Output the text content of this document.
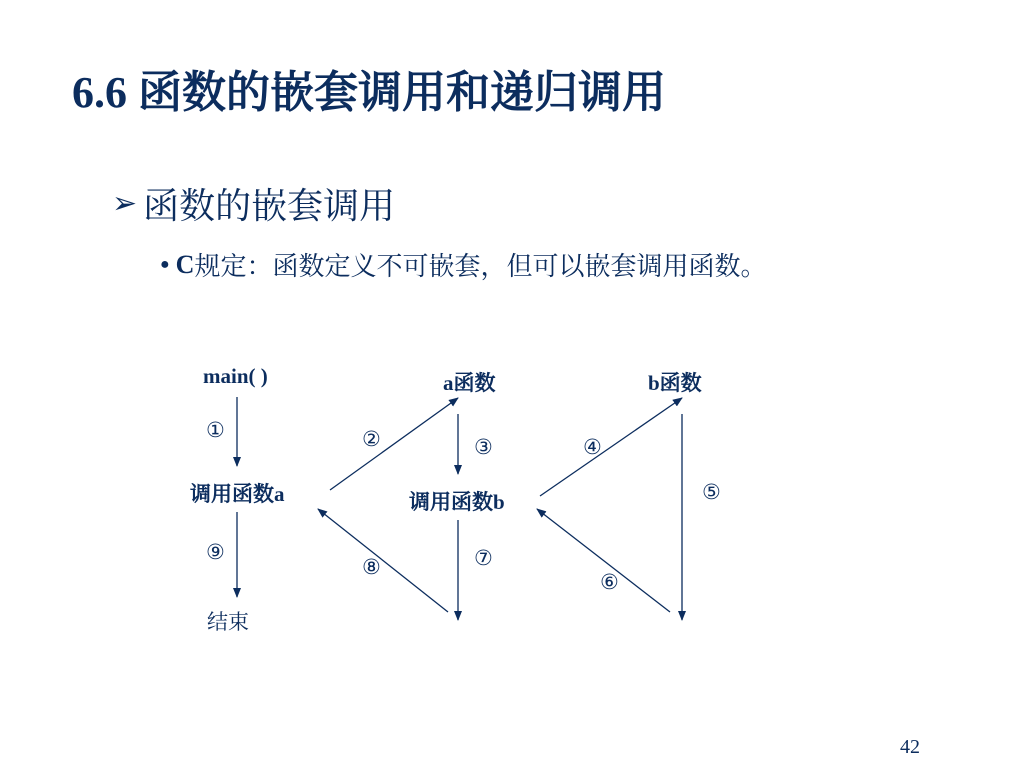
6.6 函数的嵌套调用和递归调用
➢ 函数的嵌套调用
● C 规定：函数定义不可嵌套，但可以嵌套调用函数。
main( )	a函数	b函数
调用函数a	调用函数b
结束
①	②	③	④
⑤
⑥
⑦
⑧
⑨
42
